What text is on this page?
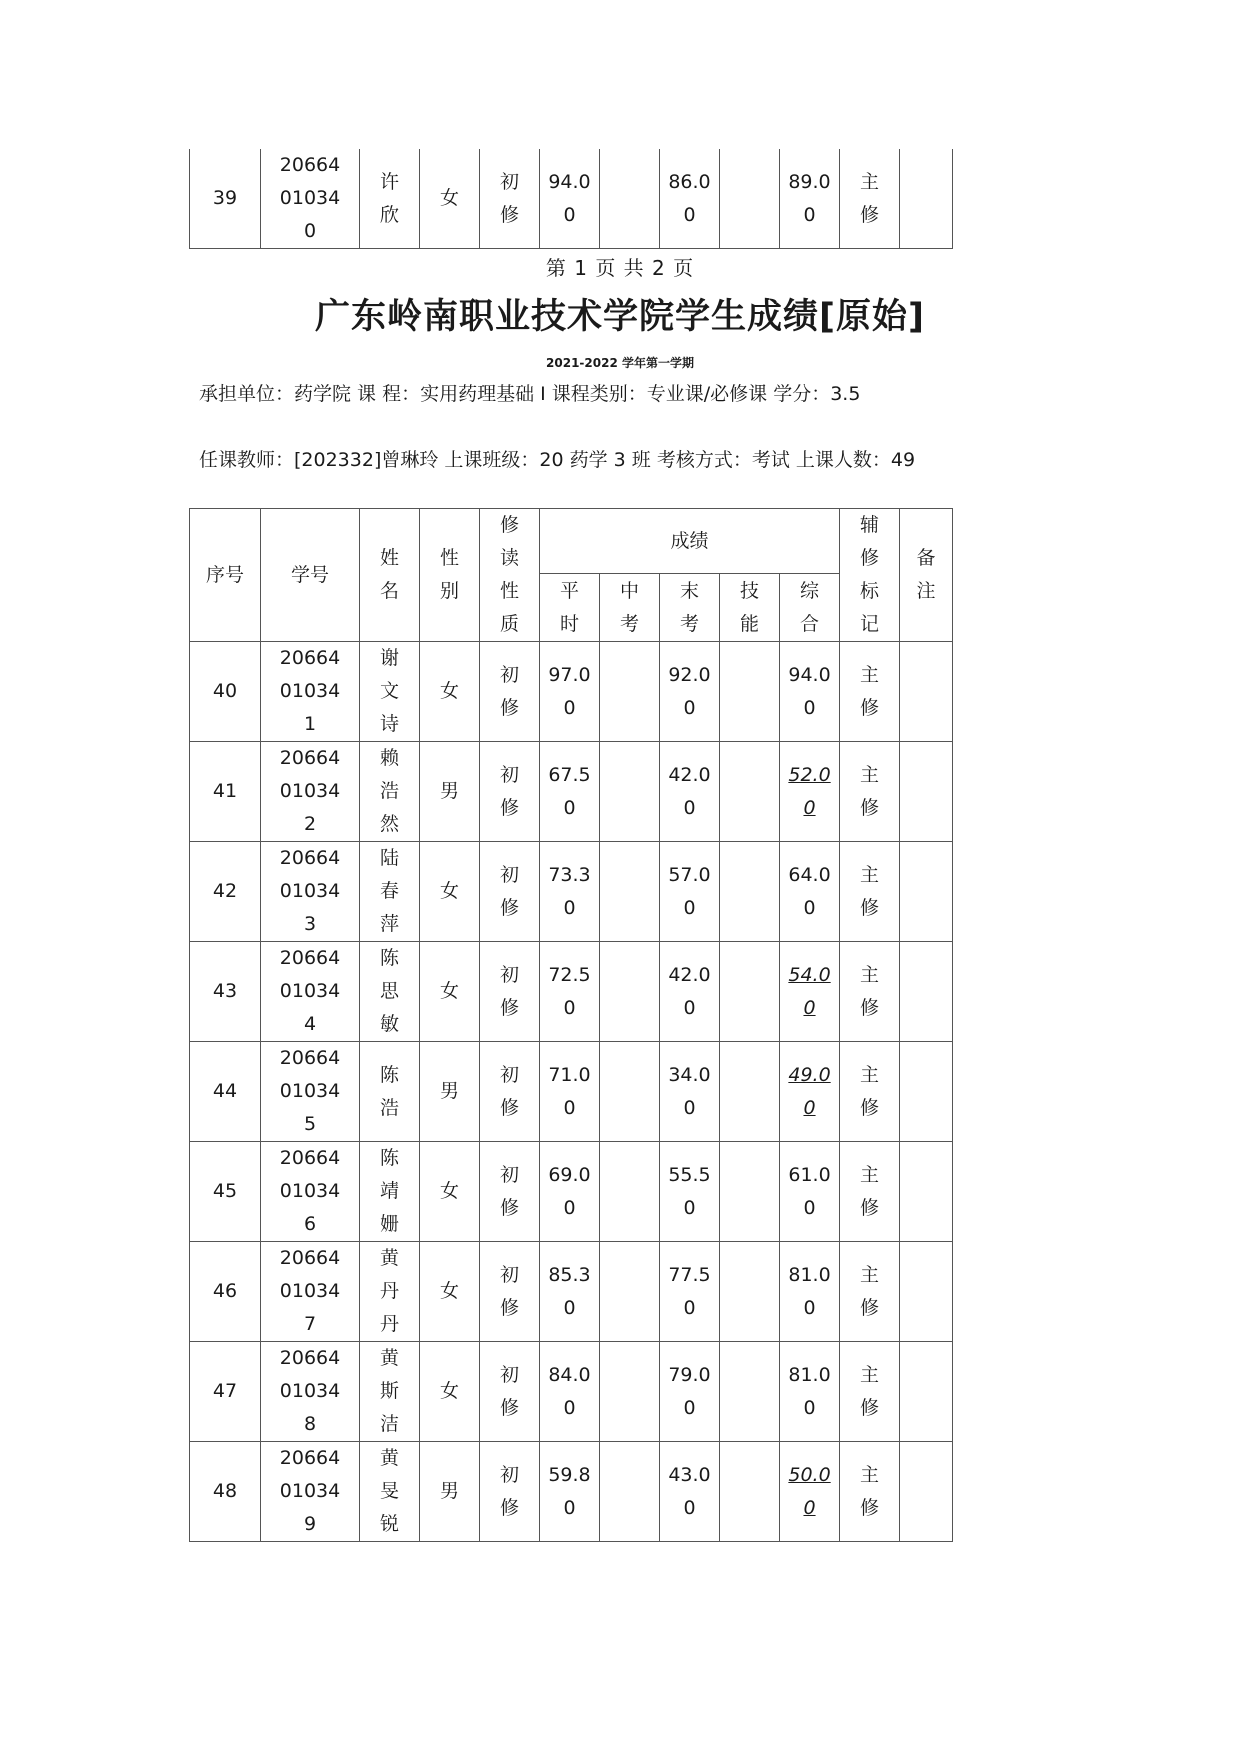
39	20664010340	许欣	女	初修	94.00		86.00		89.00	主修	
第 1 页 共 2 页
广东岭南职业技术学院学生成绩[原始]
2021-2022 学年第一学期
承担单位：药学院 课 程：实用药理基础 I 课程类别：专业课/必修课 学分：3.5
任课教师：[202332]曾琳玲 上课班级：20 药学 3 班 考核方式：考试 上课人数：49
序号	学号	姓名	性别	修读性质	成绩					辅修标记	备注
					平时	中考	末考	技能	综合		
40	20664010341	谢文诗	女	初修	97.00		92.00		94.00	主修	
41	20664010342	赖浩然	男	初修	67.50		42.00		52.00	主修	
42	20664010343	陆春萍	女	初修	73.30		57.00		64.00	主修	
43	20664010344	陈思敏	女	初修	72.50		42.00		54.00	主修	
44	20664010345	陈浩	男	初修	71.00		34.00		49.00	主修	
45	20664010346	陈靖姗	女	初修	69.00		55.50		61.00	主修	
46	20664010347	黄丹丹	女	初修	85.30		77.50		81.00	主修	
47	20664010348	黄斯洁	女	初修	84.00		79.00		81.00	主修	
48	20664010349	黄旻锐	男	初修	59.80		43.00		50.00	主修	
